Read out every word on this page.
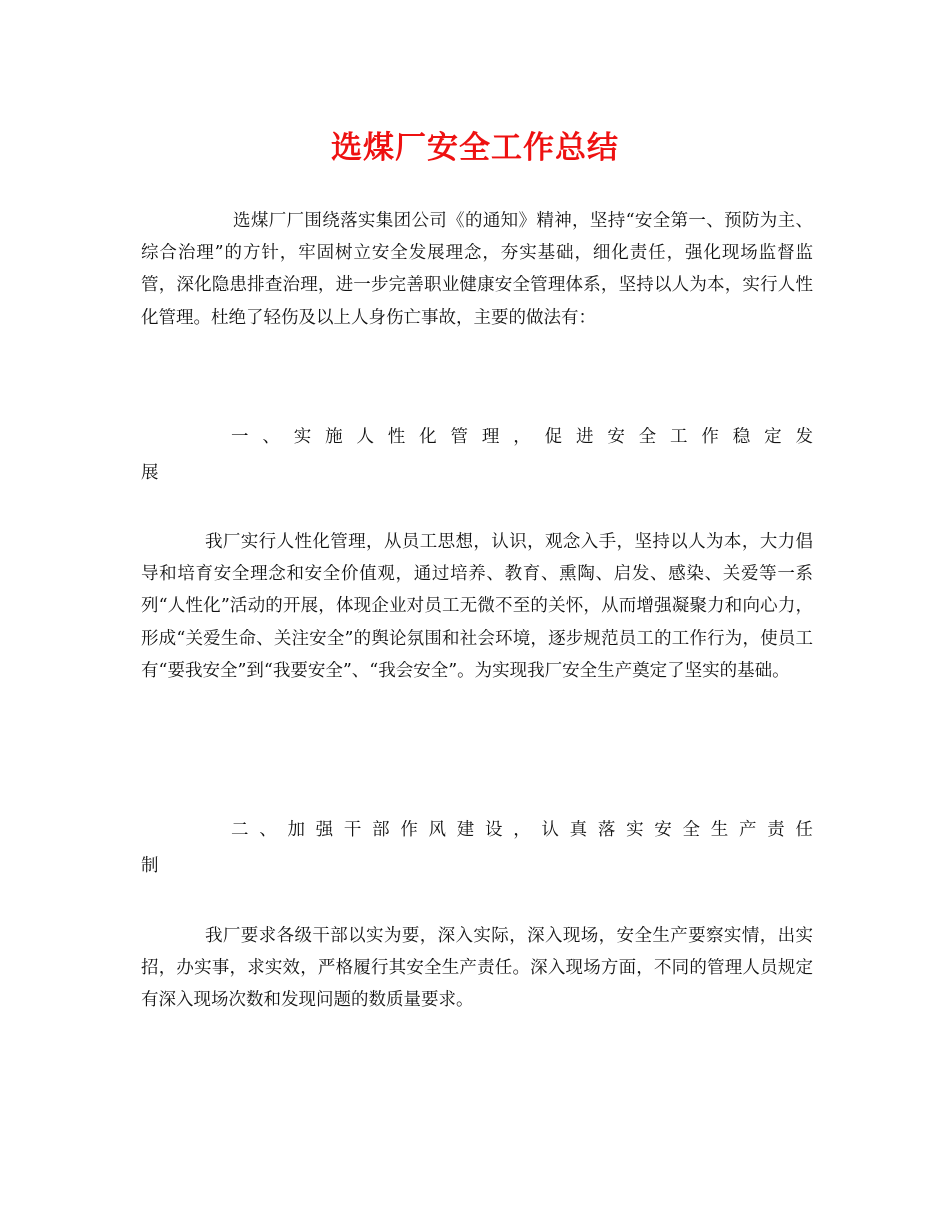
选煤厂安全工作总结

选煤厂厂围绕落实集团公司《的通知》精神，坚持“安全第一、预防为主、综合治理”的方针，牢固树立安全发展理念，夯实基础，细化责任，强化现场监督监管，深化隐患排查治理，进一步完善职业健康安全管理体系，坚持以人为本，实行人性化管理。杜绝了轻伤及以上人身伤亡事故，主要的做法有：

一 、 实 施 人 性 化 管 理 ， 促 进 安 全 工 作 稳 定 发
展

我厂实行人性化管理，从员工思想，认识，观念入手，坚持以人为本，大力倡导和培育安全理念和安全价值观，通过培养、教育、熏陶、启发、感染、关爱等一系列“人性化”活动的开展，体现企业对员工无微不至的关怀，从而增强凝聚力和向心力，形成“关爱生命、关注安全”的舆论氛围和社会环境，逐步规范员工的工作行为，使员工有“要我安全”到“我要安全”、“我会安全”。为实现我厂安全生产奠定了坚实的基础。

二 、 加 强 干 部 作 风 建 设 ， 认 真 落 实 安 全 生 产 责 任
制

我厂要求各级干部以实为要，深入实际，深入现场，安全生产要察实情，出实招，办实事，求实效，严格履行其安全生产责任。深入现场方面，不同的管理人员规定有深入现场次数和发现问题的数质量要求。
